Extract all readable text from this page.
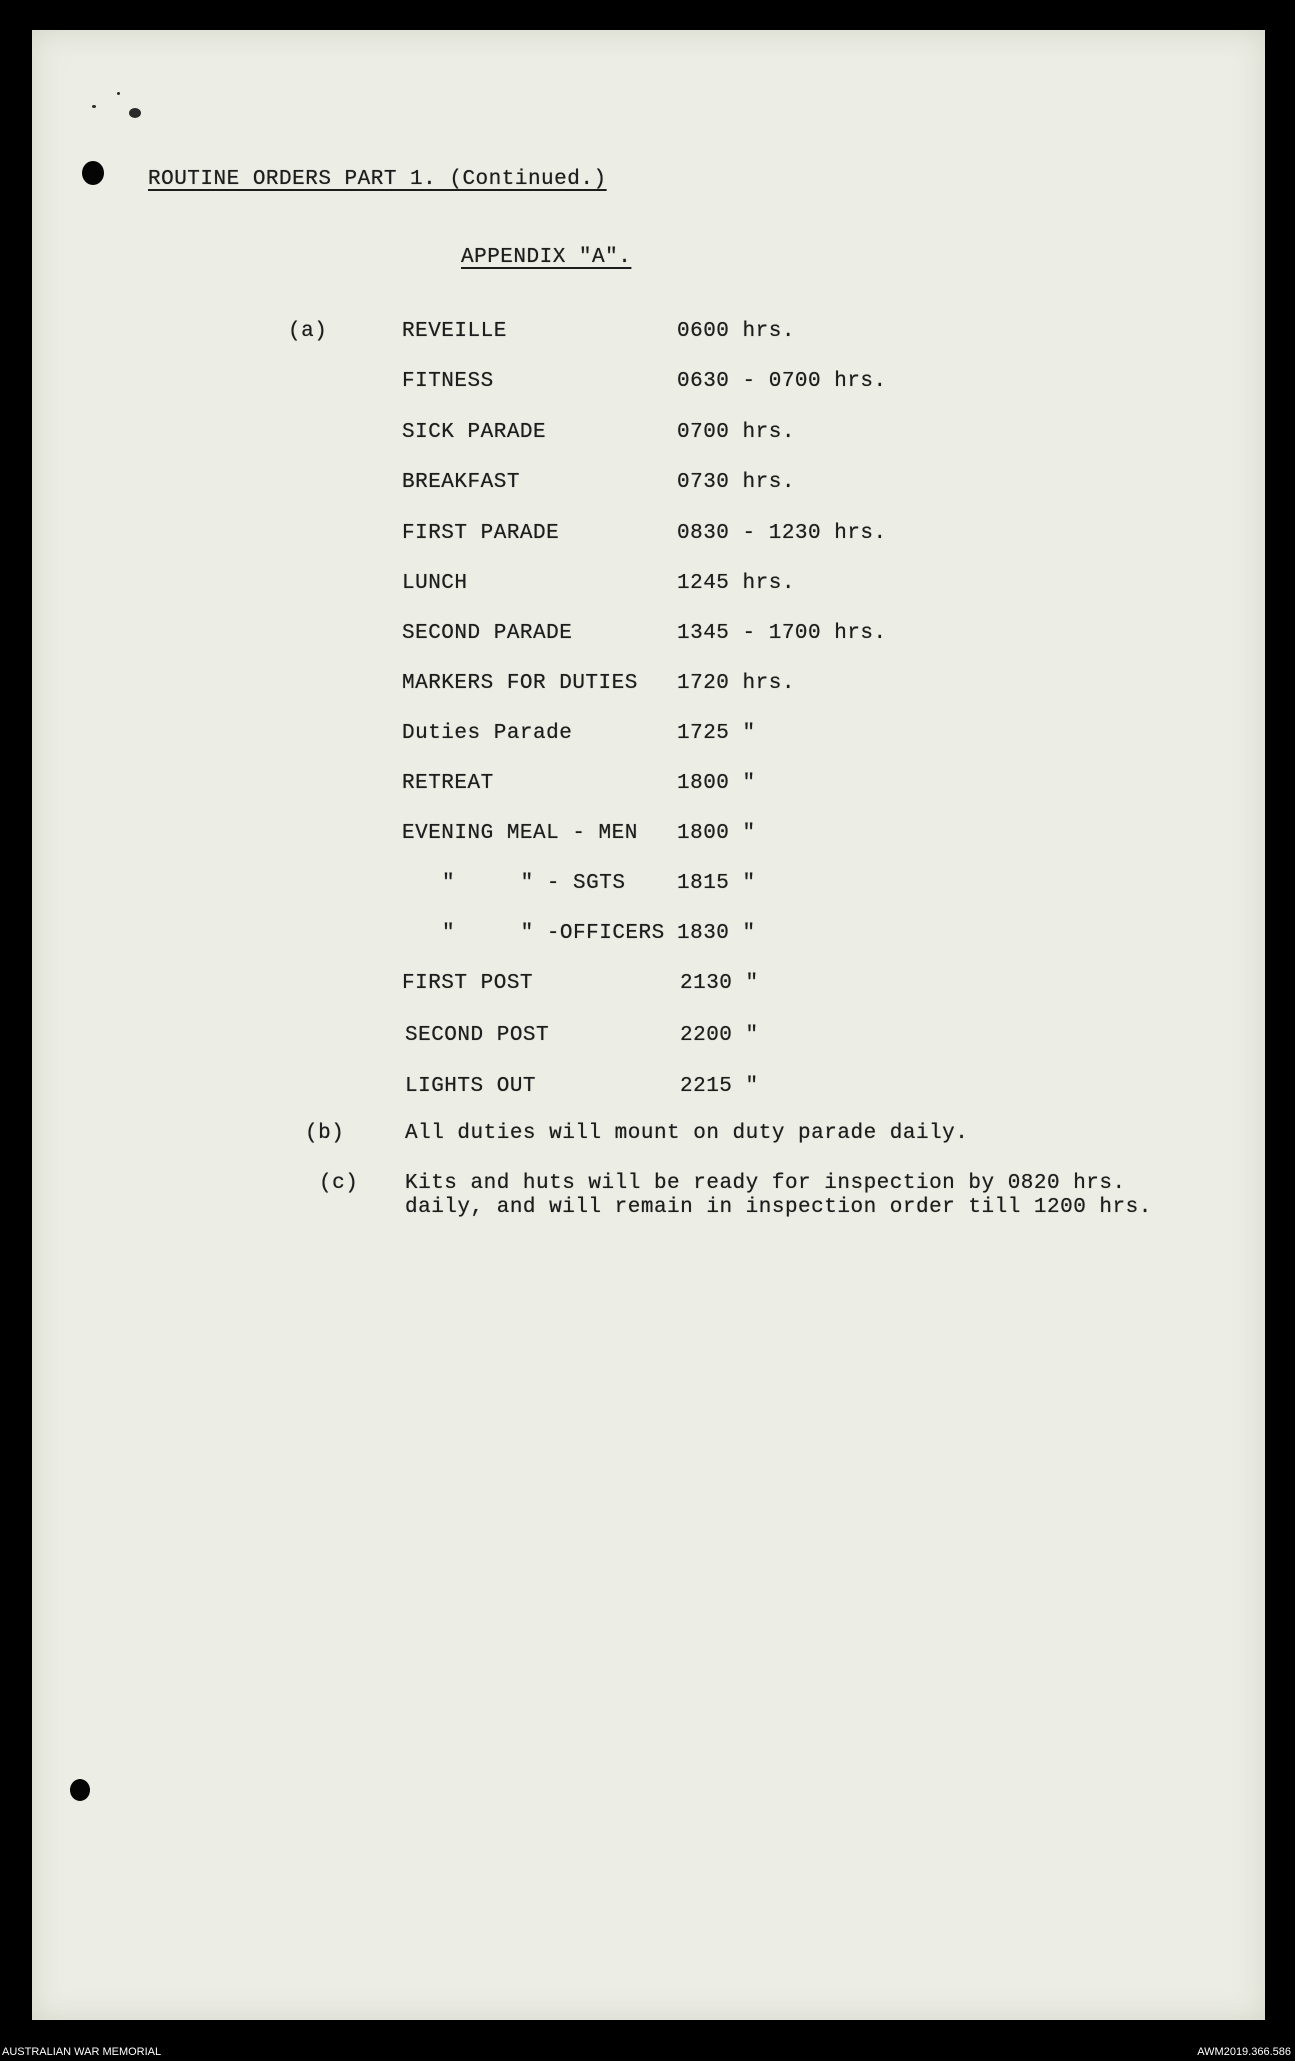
ROUTINE ORDERS PART 1. (Continued.)
APPENDIX "A".
(a)	REVEILLE	0600 hrs.
FITNESS	0630 - 0700 hrs.
SICK PARADE	0700 hrs.
BREAKFAST	0730 hrs.
FIRST PARADE	0830 - 1230 hrs.
LUNCH	1245 hrs.
SECOND PARADE	1345 - 1700 hrs.
MARKERS FOR DUTIES 1720 hrs.
Duties Parade	1725 "
RETREAT	1800 "
EVENING MEAL - MEN 1800 "
"     " - SGTS 1815 "
"     " -OFFICERS 1830 "
FIRST POST	2130 "
SECOND POST	2200 "
LIGHTS OUT	2215 "
(b)	All duties will mount on duty parade daily.
(c) Kits and huts will be ready for inspection by 0820 hrs.
daily, and will remain in inspection order till 1200 hrs.
AUSTRALIAN WAR MEMORIAL	AWM2019.366.586
